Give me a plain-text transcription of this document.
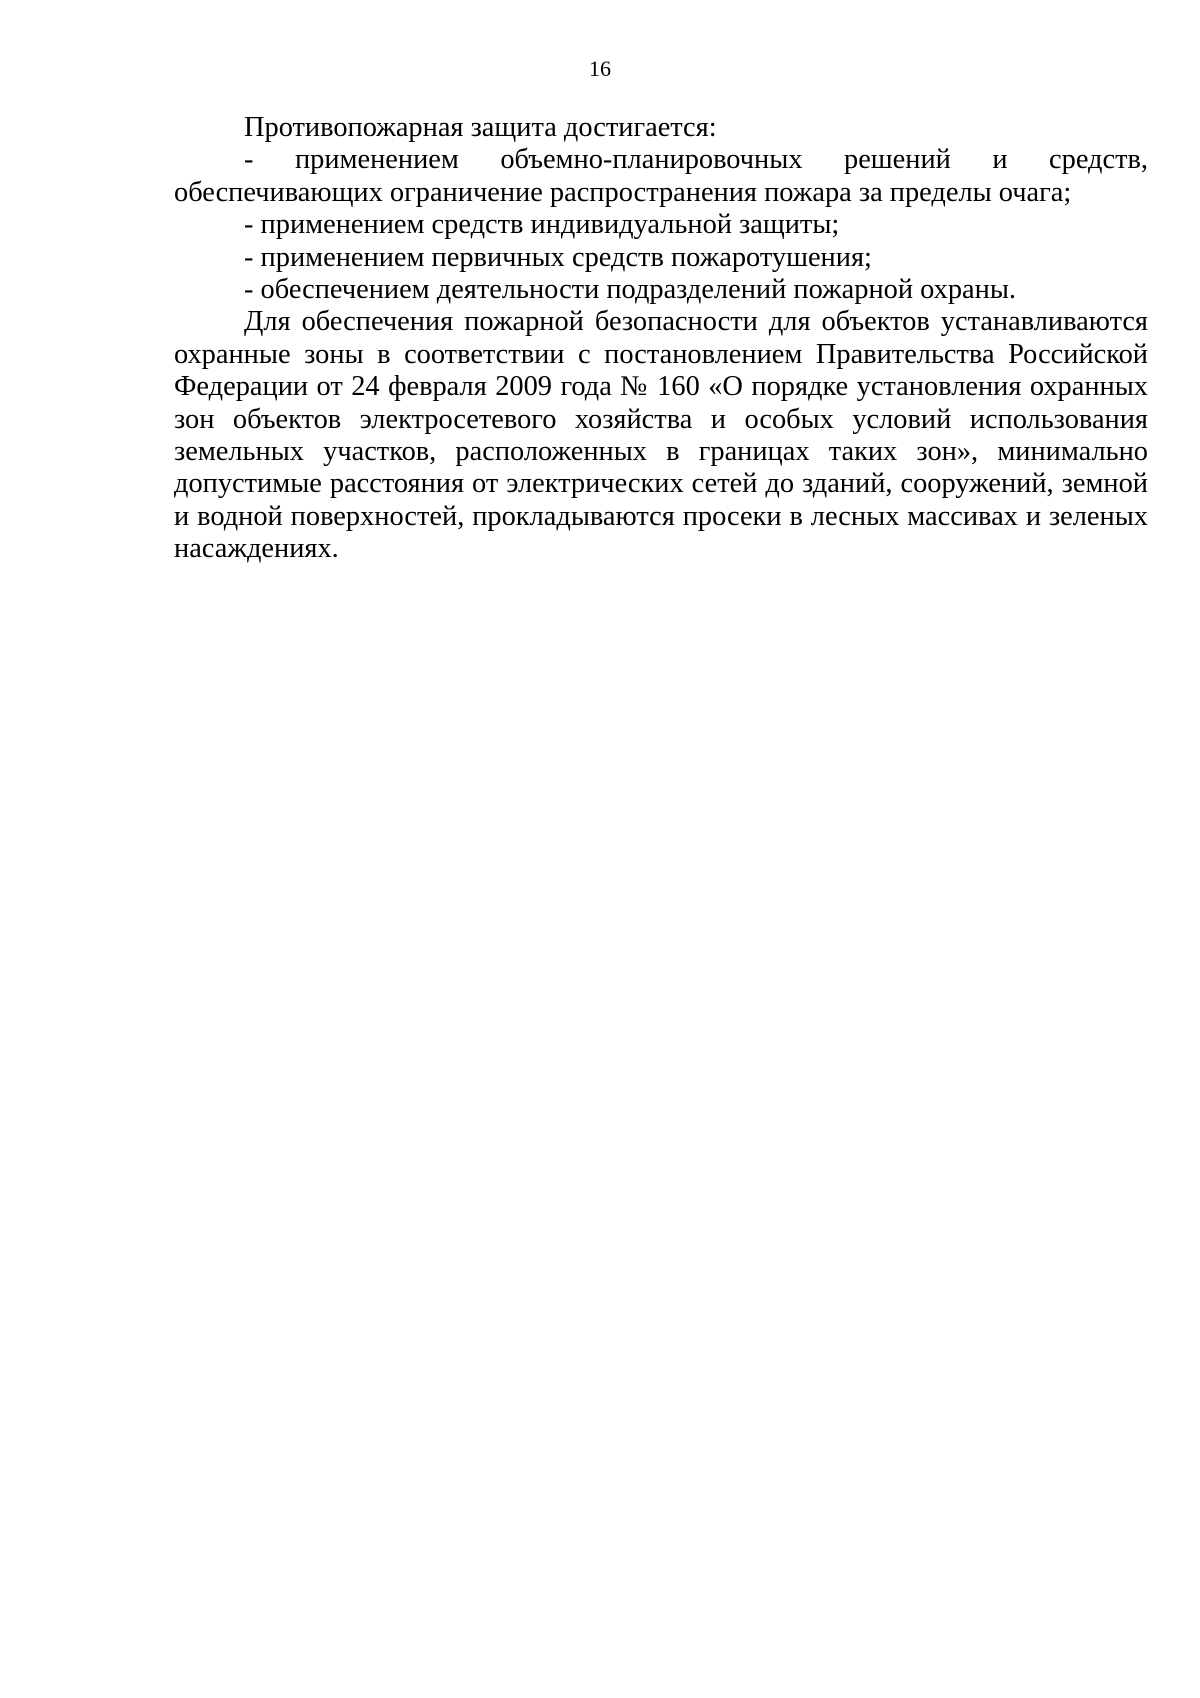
16

Противопожарная защита достигается:

- применением объемно-планировочных решений и средств, обеспечивающих ограничение распространения пожара за пределы очага;

- применением средств индивидуальной защиты;

- применением первичных средств пожаротушения;

- обеспечением деятельности подразделений пожарной охраны.

Для обеспечения пожарной безопасности для объектов устанавливаются охранные зоны в соответствии с постановлением Правительства Российской Федерации от 24 февраля 2009 года № 160 «О порядке установления охранных зон объектов электросетевого хозяйства и особых условий использования земельных участков, расположенных в границах таких зон», минимально допустимые расстояния от электрических сетей до зданий, сооружений, земной и водной поверхностей, прокладываются просеки в лесных массивах и зеленых насаждениях.
